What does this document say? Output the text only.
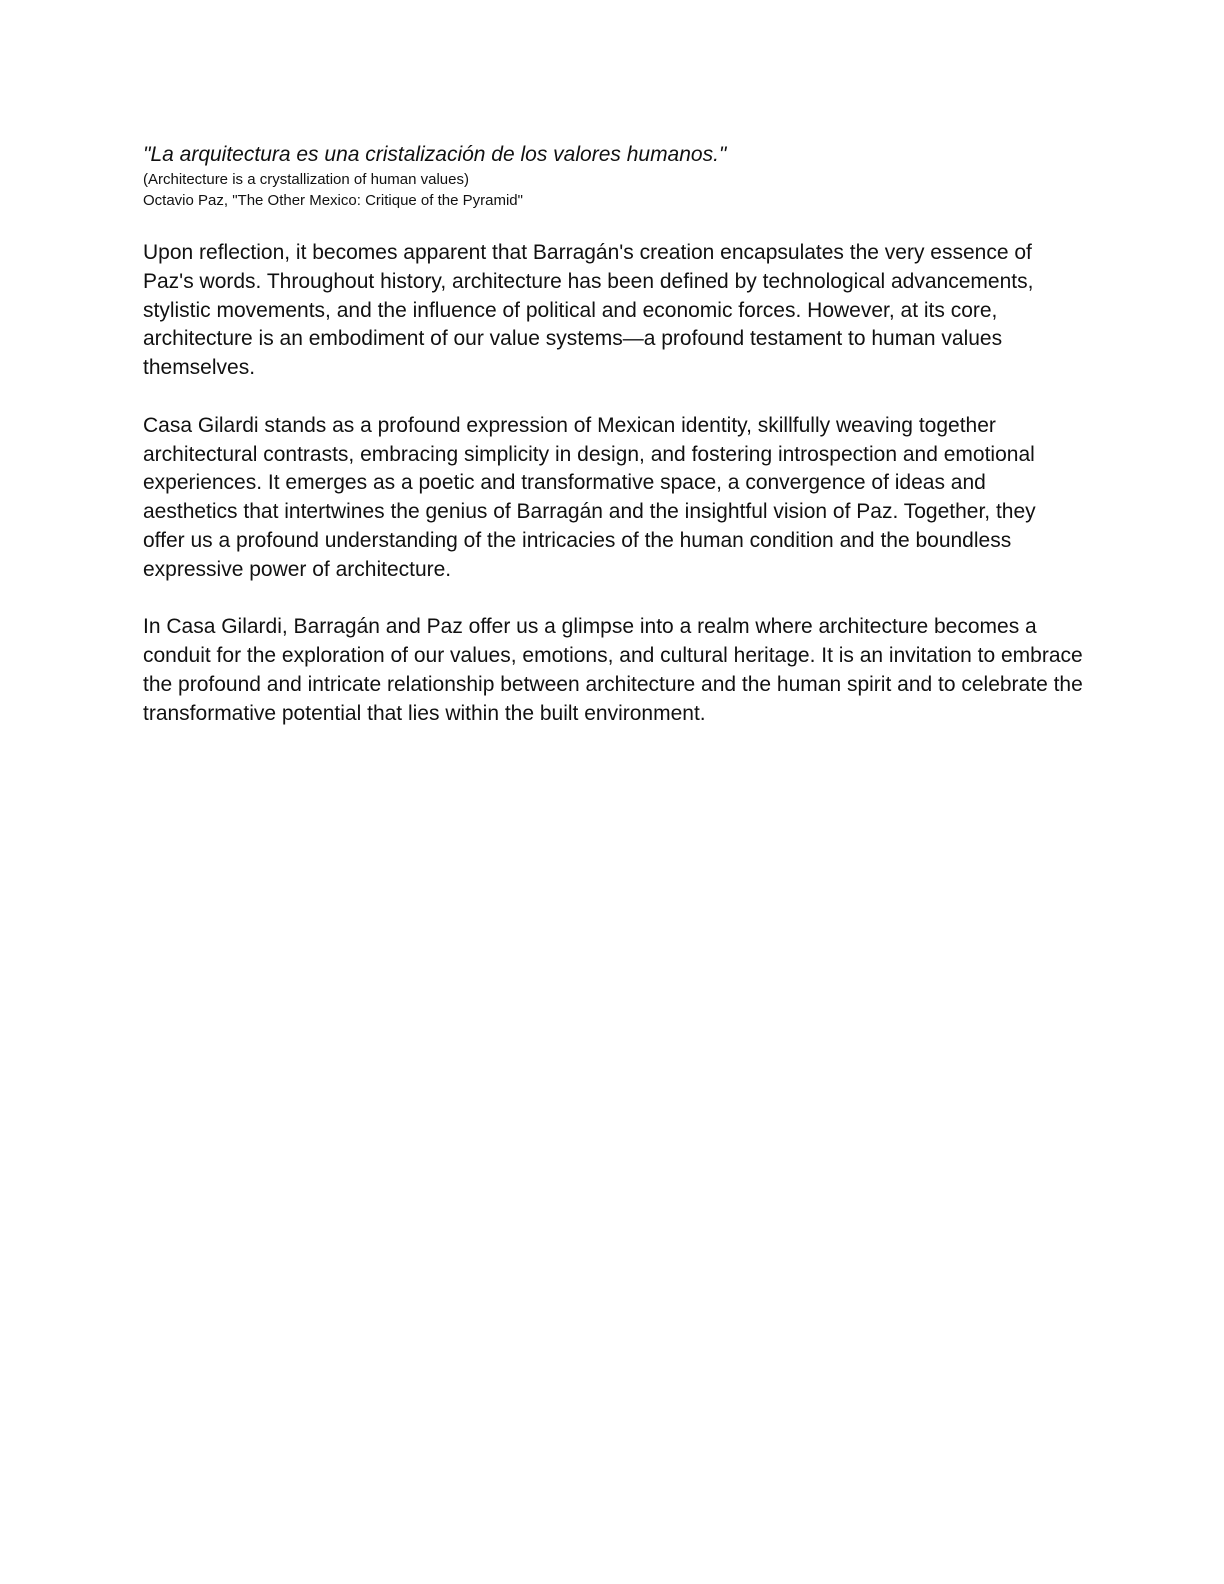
"La arquitectura es una cristalización de los valores humanos."

(Architecture is a crystallization of human values)

Octavio Paz, "The Other Mexico: Critique of the Pyramid"

Upon reflection, it becomes apparent that Barragán's creation encapsulates the very essence of Paz's words. Throughout history, architecture has been defined by technological advancements, stylistic movements, and the influence of political and economic forces. However, at its core, architecture is an embodiment of our value systems—a profound testament to human values themselves.

Casa Gilardi stands as a profound expression of Mexican identity, skillfully weaving together architectural contrasts, embracing simplicity in design, and fostering introspection and emotional experiences. It emerges as a poetic and transformative space, a convergence of ideas and aesthetics that intertwines the genius of Barragán and the insightful vision of Paz. Together, they offer us a profound understanding of the intricacies of the human condition and the boundless expressive power of architecture.

In Casa Gilardi, Barragán and Paz offer us a glimpse into a realm where architecture becomes a conduit for the exploration of our values, emotions, and cultural heritage. It is an invitation to embrace the profound and intricate relationship between architecture and the human spirit and to celebrate the transformative potential that lies within the built environment.
